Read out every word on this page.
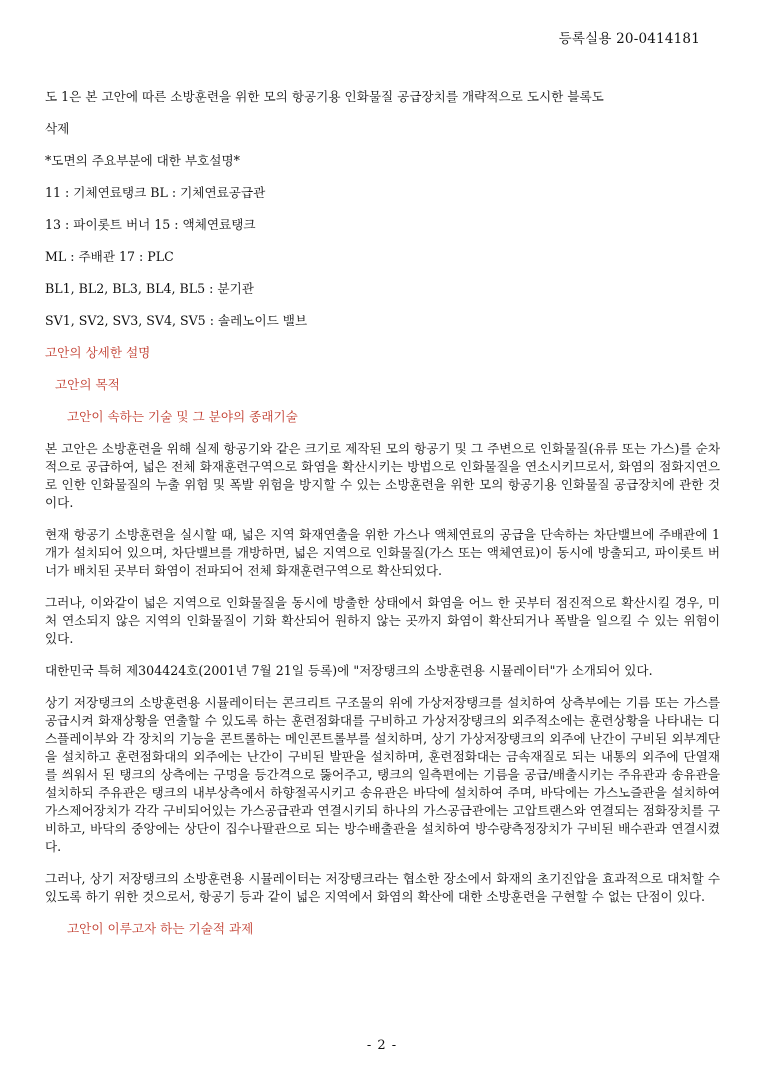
등록실용 20-0414181

도 1은 본 고안에 따른 소방훈련을 위한 모의 항공기용 인화물질 공급장치를 개략적으로 도시한 블록도

삭제

*도면의 주요부분에 대한 부호설명*

11 : 기체연료탱크 BL : 기체연료공급관

13 : 파이롯트 버너 15 : 액체연료탱크

ML : 주배관 17 : PLC

BL1, BL2, BL3, BL4, BL5 : 분기관

SV1, SV2, SV3, SV4, SV5 : 솔레노이드 밸브

고안의 상세한 설명

고안의 목적

고안이 속하는 기술 및 그 분야의 종래기술

본 고안은 소방훈련을 위해 실제 항공기와 같은 크기로 제작된 모의 항공기 및 그 주변으로 인화물질(유류 또는 가스)를 순차적으로 공급하여, 넓은 전체 화재훈련구역으로 화염을 확산시키는 방법으로 인화물질을 연소시키므로서, 화염의 점화지연으로 인한 인화물질의 누출 위험 및 폭발 위험을 방지할 수 있는 소방훈련을 위한 모의 항공기용 인화물질 공급장치에 관한 것이다.

현재 항공기 소방훈련을 실시할 때, 넓은 지역 화재연출을 위한 가스나 액체연료의 공급을 단속하는 차단밸브에 주배관에 1개가 설치되어 있으며, 차단밸브를 개방하면, 넓은 지역으로 인화물질(가스 또는 액체연료)이 동시에 방출되고, 파이롯트 버너가 배치된 곳부터 화염이 전파되어 전체 화재훈련구역으로 확산되었다.

그러나, 이와같이 넓은 지역으로 인화물질을 동시에 방출한 상태에서 화염을 어느 한 곳부터 점진적으로 확산시킬 경우, 미처 연소되지 않은 지역의 인화물질이 기화 확산되어 원하지 않는 곳까지 화염이 확산되거나 폭발을 일으킬 수 있는 위험이 있다.

대한민국 특허 제304424호(2001년 7월 21일 등록)에 "저장탱크의 소방훈련용 시뮬레이터"가 소개되어 있다.

상기 저장탱크의 소방훈련용 시뮬레이터는 콘크리트 구조물의 위에 가상저장탱크를 설치하여 상측부에는 기름 또는 가스를 공급시켜 화재상황을 연출할 수 있도록 하는 훈련점화대를 구비하고 가상저장탱크의 외주적소에는 훈련상황을 나타내는 디스플레이부와 각 장치의 기능을 콘트롤하는 메인콘트롤부를 설치하며, 상기 가상저장탱크의 외주에 난간이 구비된 외부계단을 설치하고 훈련점화대의 외주에는 난간이 구비된 발판을 설치하며, 훈련점화대는 금속재질로 되는 내통의 외주에 단열재를 씌워서 된 탱크의 상측에는 구멍을 등간격으로 뚫어주고, 탱크의 일측편에는 기름을 공급/배출시키는 주유관과 송유관을 설치하되 주유관은 탱크의 내부상측에서 하향절곡시키고 송유관은 바닥에 설치하여 주며, 바닥에는 가스노즐관을 설치하여 가스제어장치가 각각 구비되어있는 가스공급관과 연결시키되 하나의 가스공급관에는 고압트랜스와 연결되는 점화장치를 구비하고, 바닥의 중앙에는 상단이 집수나팔관으로 되는 방수배출관을 설치하여 방수량측정장치가 구비된 배수관과 연결시켰다.

그러나, 상기 저장탱크의 소방훈련용 시뮬레이터는 저장탱크라는 협소한 장소에서 화재의 초기진압을 효과적으로 대처할 수 있도록 하기 위한 것으로서, 항공기 등과 같이 넓은 지역에서 화염의 확산에 대한 소방훈련을 구현할 수 없는 단점이 있다.

고안이 이루고자 하는 기술적 과제

- 2 -
